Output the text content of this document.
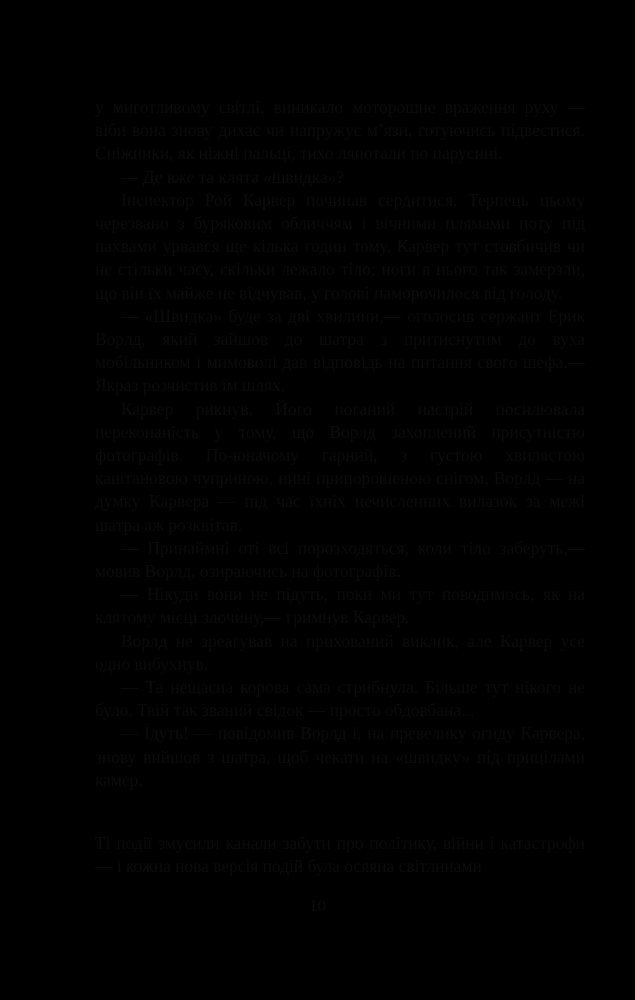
у миготливому світлі, виникало моторошне враження руху — віби вона знову дихає чи напружує м’язи, готуючись підвестися. Сніжинки, як ніжні пальці, тихо ляпотали по парусині.

— Де вже та клята «швидка»?

Інспектор Рой Карвер починав сердитися. Терпець цьому черезвано з буряковим обличчям і вічними плямами поту під пахвами урвався ще кілька годин тому. Карвер тут стовбичив чи не стільки часу, скільки лежало тіло; ноги в нього так замерзли, що він їх майже не відчував, у голові паморочилося від голоду.

— «Швидка» буде за дві хвилини,— оголосив сержант Ерик Ворлд, який зайшов до шатра з притиснутим до вуха мобільником і мимоволі дав відповідь на питання свого шефа.— Якраз розчистив їм шлях.

Карвер рикнув. Його поганий настрій посилювала переконаність у тому, що Ворлд захоплений присутністю фотографів. По-юначому гарний, з густою хвилястою каштановою чуприною, нині припорошеною снігом, Ворлд — на думку Карвера — під час їхніх нечисленних вилазок за межі шатра аж розквітав.

— Принаймні оті всі порозходяться, коли тіло заберуть,— мовив Ворлд, озираючись на фотографів.

— Нікуди вони не підуть, поки ми тут поводимось, як на клятому місці злочину,— гримнув Карвер.

Ворлд не зреагував на прихований виклик, але Карвер усе одно вибухнув.

— Та нещасна корова сама стрибнула. Більше тут нікого не було. Твій так званий свідок — просто обдовбана...

— Їдуть! — повідомив Ворлд і, на превелику огиду Карвера, знову вийшов з шатра, щоб чекати на «швидку» під прицілами камер.

Ті події змусили канали забути про політику, війни і катастрофи — і кожна нова версія подій була осяяна світлинами

10
